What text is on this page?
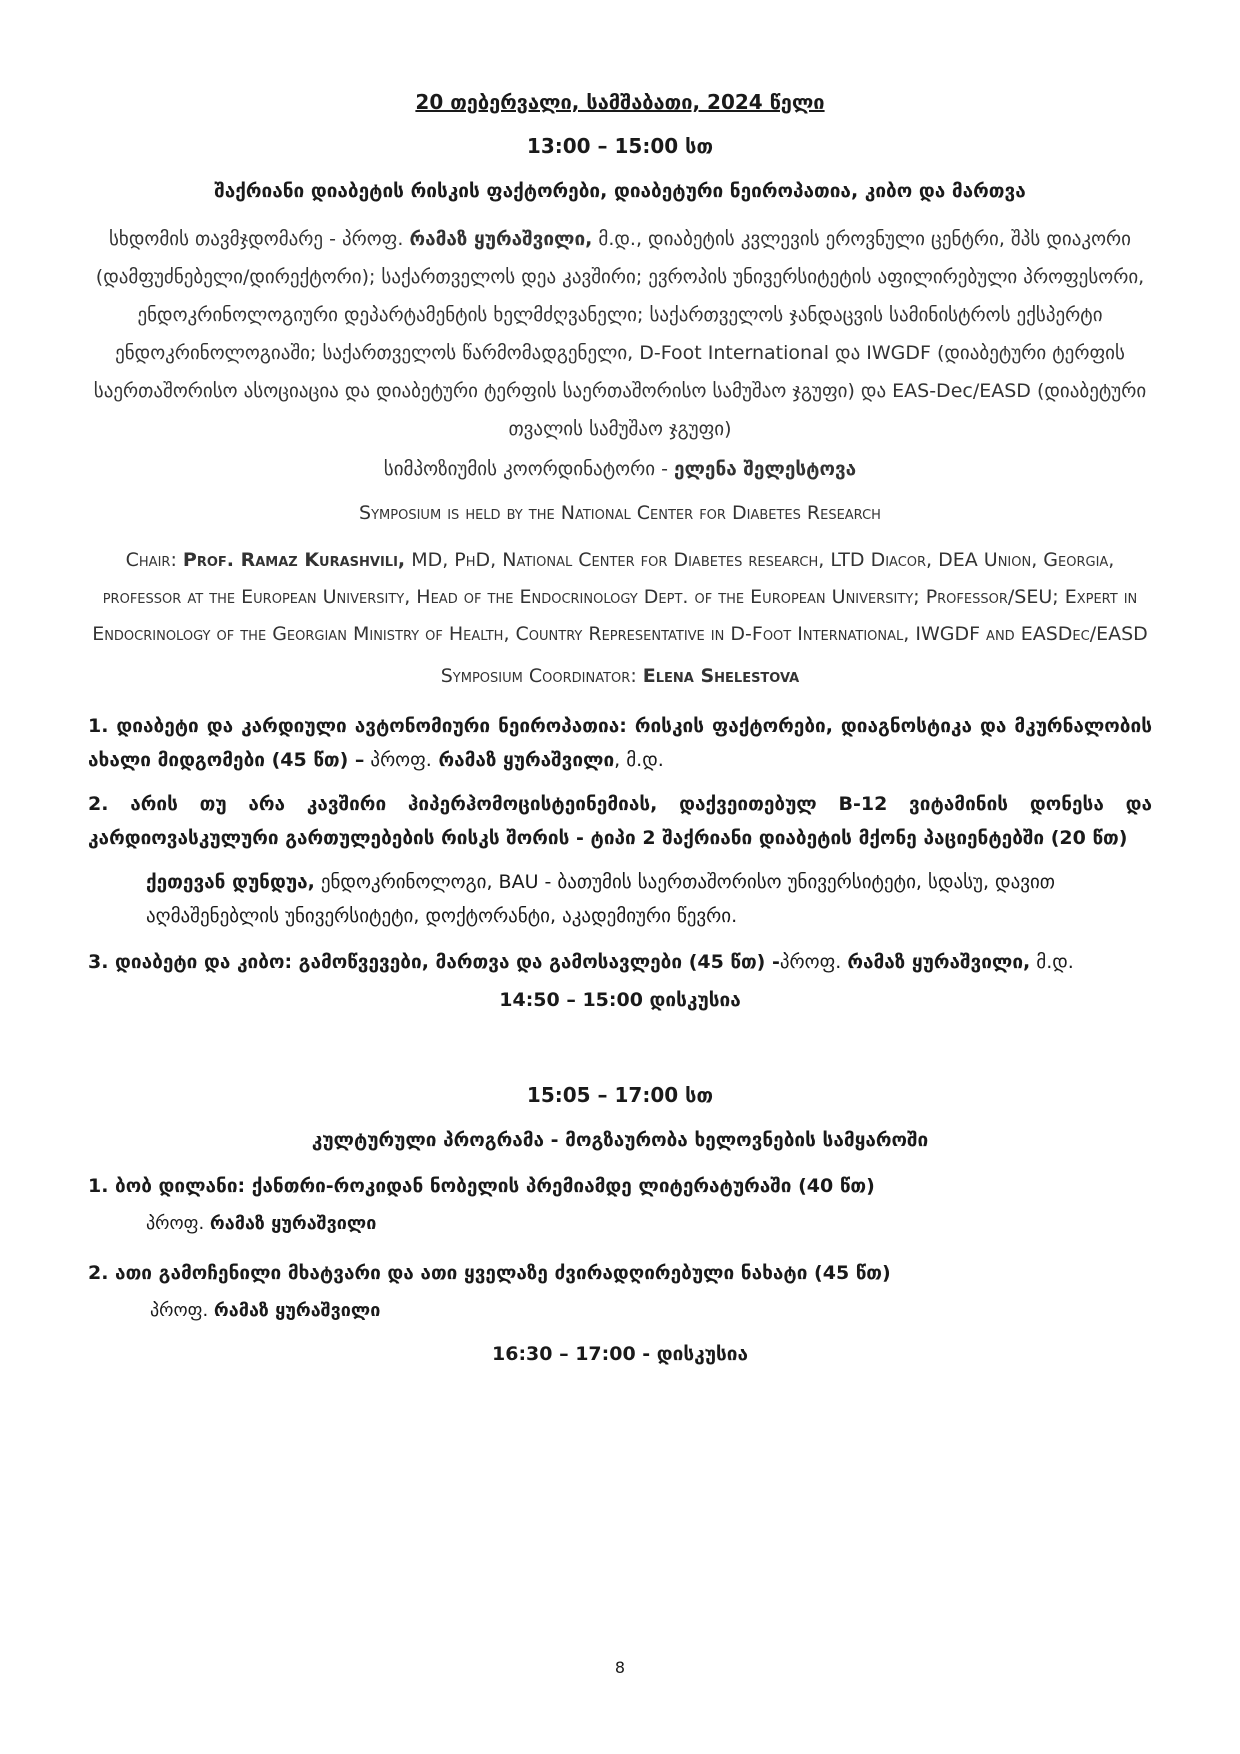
20 თებერვალი, სამშაბათი, 2024 წელი
13:00 – 15:00 სთ
შაქრიანი დიაბეტის რისკის ფაქტორები, დიაბეტური ნეიროპათია, კიბო და მართვა
სხდომის თავმჯდომარე - პროფ. რამაზ ყურაშვილი, მ.დ., დიაბეტის კვლევის ეროვნული ცენტრი, შპს დიაკორი (დამფუძნებელი/დირექტორი); საქართველოს დეა კავშირი; ევროპის უნივერსიტეტის აფილირებული პროფესორი, ენდოკრინოლოგიური დეპარტამენტის ხელმძღვანელი; საქართველოს ჯანდაცვის სამინისტროს ექსპერტი ენდოკრინოლოგიაში; საქართველოს წარმომადგენელი, D-Foot International და IWGDF (დიაბეტური ტერფის საერთაშორისო ასოციაცია და დიაბეტური ტერფის საერთაშორისო სამუშაო ჯგუფი) და EAS-Dec/EASD (დიაბეტური თვალის სამუშაო ჯგუფი)
სიმპოზიუმის კოორდინატორი - ელენა შელესტოვა
Symposium is held by the National Center for Diabetes Research
Chair: Prof. Ramaz Kurashvili, MD, PhD, National Center for Diabetes research, LTD Diacor, DEA Union, Georgia, professor at the European University, Head of the Endocrinology Dept. of the European University; Professor/SEU; Expert in Endocrinology of the Georgian Ministry of Health, Country Representative in D-Foot International, IWGDF and EASDec/EASD
Symposium Coordinator: Elena Shelestova
1. დიაბეტი და კარდიული ავტონომიური ნეიროპათია: რისკის ფაქტორები, დიაგნოსტიკა და მკურნალობის ახალი მიდგომები (45 წთ) – პროფ. რამაზ ყურაშვილი, მ.დ.
2. არის თუ არა კავშირი ჰიპერჰომოცისტეინემიას, დაქვეითებულ B-12 ვიტამინის დონესა და კარდიოვასკულური გართულებების რისკს შორის - ტიპი 2 შაქრიანი დიაბეტის მქონე პაციენტებში (20 წთ)
ქეთევან დუნდუა, ენდოკრინოლოგი, BAU - ბათუმის საერთაშორისო უნივერსიტეტი, სდასუ, დავით აღმაშენებლის უნივერსიტეტი, დოქტორანტი, აკადემიური წევრი.
3. დიაბეტი და კიბო: გამოწვევები, მართვა და გამოსავლები (45 წთ) -პროფ. რამაზ ყურაშვილი, მ.დ.
14:50 – 15:00 დისკუსია
15:05 – 17:00 სთ
კულტურული პროგრამა - მოგზაურობა ხელოვნების სამყაროში
1. ბობ დილანი: ქანთრი-როკიდან ნობელის პრემიამდე ლიტერატურაში (40 წთ)
პროფ. რამაზ ყურაშვილი
2. ათი გამოჩენილი მხატვარი და ათი ყველაზე ძვირადღირებული ნახატი (45 წთ)
პროფ. რამაზ ყურაშვილი
16:30 – 17:00 - დისკუსია
8
